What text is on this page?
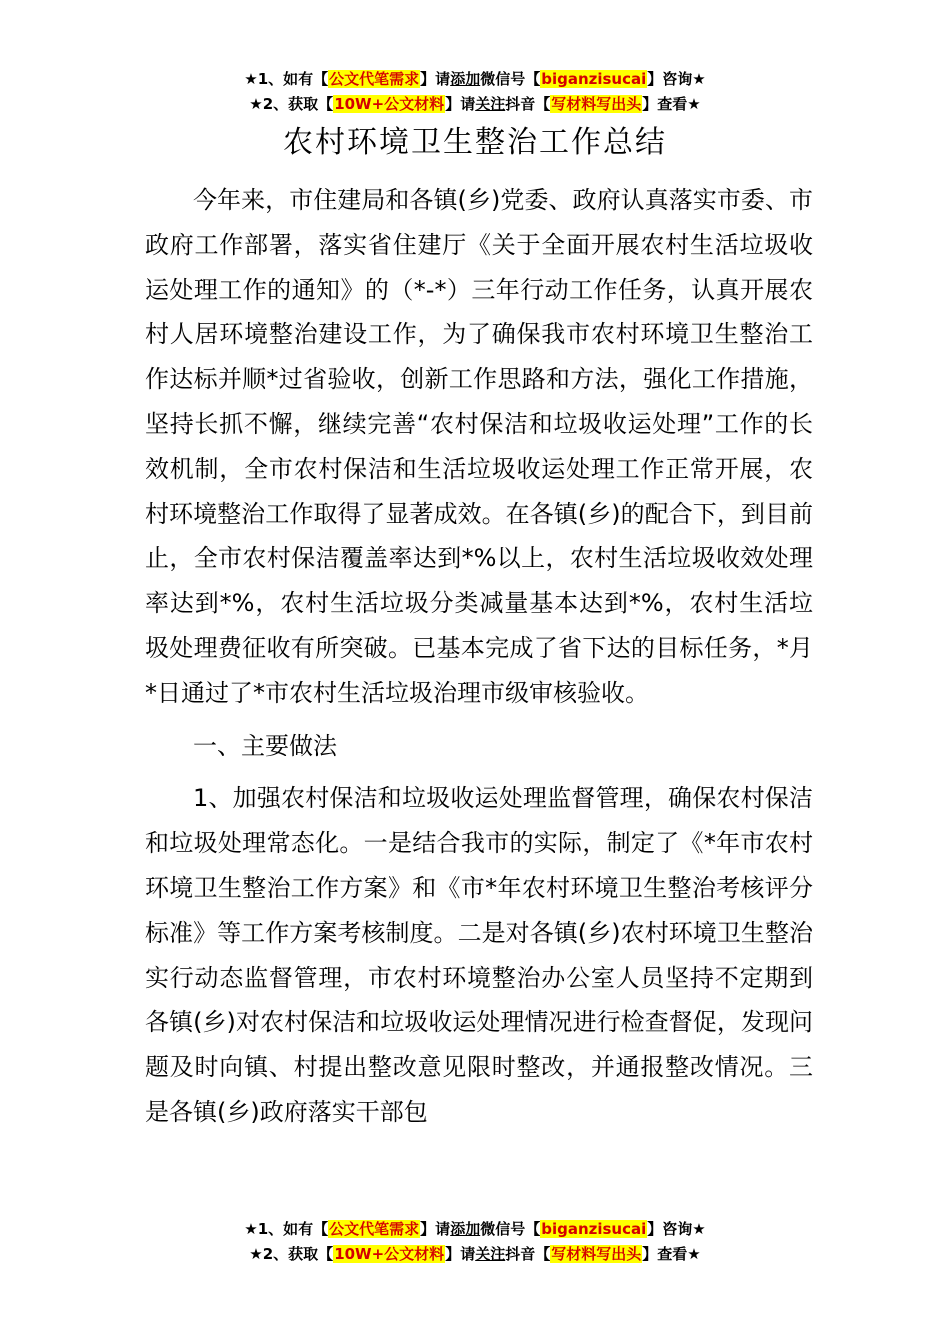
★1、如有【公文代笔需求】请添加微信号【biganzisucai】咨询★
★2、获取【10W+公文材料】请关注抖音【写材料写出头】查看★
农村环境卫生整治工作总结

今年来，市住建局和各镇(乡)党委、政府认真落实市委、市政府工作部署，落实省住建厅《关于全面开展农村生活垃圾收运处理工作的通知》的（*-*）三年行动工作任务，认真开展农村人居环境整治建设工作，为了确保我市农村环境卫生整治工作达标并顺*过省验收，创新工作思路和方法，强化工作措施，坚持长抓不懈，继续完善“农村保洁和垃圾收运处理”工作的长效机制，全市农村保洁和生活垃圾收运处理工作正常开展，农村环境整治工作取得了显著成效。在各镇(乡)的配合下，到目前止，全市农村保洁覆盖率达到*%以上，农村生活垃圾收效处理率达到*%，农村生活垃圾分类减量基本达到*%，农村生活垃圾处理费征收有所突破。已基本完成了省下达的目标任务，*月*日通过了*市农村生活垃圾治理市级审核验收。

一、主要做法

1、加强农村保洁和垃圾收运处理监督管理，确保农村保洁和垃圾处理常态化。一是结合我市的实际，制定了《*年市农村环境卫生整治工作方案》和《市*年农村环境卫生整治考核评分标准》等工作方案考核制度。二是对各镇(乡)农村环境卫生整治实行动态监督管理，市农村环境整治办公室人员坚持不定期到各镇(乡)对农村保洁和垃圾收运处理情况进行检查督促，发现问题及时向镇、村提出整改意见限时整改，并通报整改情况。三是各镇(乡)政府落实干部包

★1、如有【公文代笔需求】请添加微信号【biganzisucai】咨询★
★2、获取【10W+公文材料】请关注抖音【写材料写出头】查看★
